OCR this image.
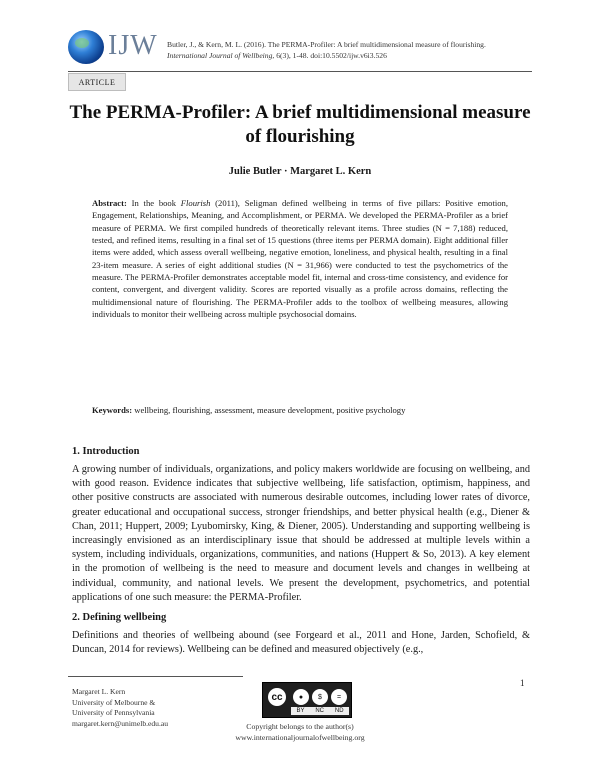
IJW Butler, J., & Kern, M. L. (2016). The PERMA-Profiler: A brief multidimensional measure of flourishing.
International Journal of Wellbeing, 6(3), 1-48. doi:10.5502/ijw.v6i3.526
ARTICLE
The PERMA-Profiler: A brief multidimensional measure of flourishing
Julie Butler · Margaret L. Kern
Abstract: In the book Flourish (2011), Seligman defined wellbeing in terms of five pillars: Positive emotion, Engagement, Relationships, Meaning, and Accomplishment, or PERMA. We developed the PERMA-Profiler as a brief measure of PERMA. We first compiled hundreds of theoretically relevant items. Three studies (N = 7,188) reduced, tested, and refined items, resulting in a final set of 15 questions (three items per PERMA domain). Eight additional filler items were added, which assess overall wellbeing, negative emotion, loneliness, and physical health, resulting in a final 23-item measure. A series of eight additional studies (N = 31,966) were conducted to test the psychometrics of the measure. The PERMA-Profiler demonstrates acceptable model fit, internal and cross-time consistency, and evidence for content, convergent, and divergent validity. Scores are reported visually as a profile across domains, reflecting the multidimensional nature of flourishing. The PERMA-Profiler adds to the toolbox of wellbeing measures, allowing individuals to monitor their wellbeing across multiple psychosocial domains.
Keywords: wellbeing, flourishing, assessment, measure development, positive psychology
1. Introduction
A growing number of individuals, organizations, and policy makers worldwide are focusing on wellbeing, and with good reason. Evidence indicates that subjective wellbeing, life satisfaction, optimism, happiness, and other positive constructs are associated with numerous desirable outcomes, including lower rates of divorce, greater educational and occupational success, stronger friendships, and better physical health (e.g., Diener & Chan, 2011; Huppert, 2009; Lyubomirsky, King, & Diener, 2005). Understanding and supporting wellbeing is increasingly envisioned as an interdisciplinary issue that should be addressed at multiple levels within a system, including individuals, organizations, communities, and nations (Huppert & So, 2013). A key element in the promotion of wellbeing is the need to measure and document levels and changes in wellbeing at individual, community, and national levels. We present the development, psychometrics, and potential applications of one such measure: the PERMA-Profiler.
2. Defining wellbeing
Definitions and theories of wellbeing abound (see Forgeard et al., 2011 and Hone, Jarden, Schofield, & Duncan, 2014 for reviews). Wellbeing can be defined and measured objectively (e.g.,
Margaret L. Kern
University of Melbourne &
University of Pennsylvania
margaret.kern@unimelb.edu.au
cc	●	$	=
BY NC ND
1
Copyright belongs to the author(s)
www.internationaljournalofwellbeing.org
